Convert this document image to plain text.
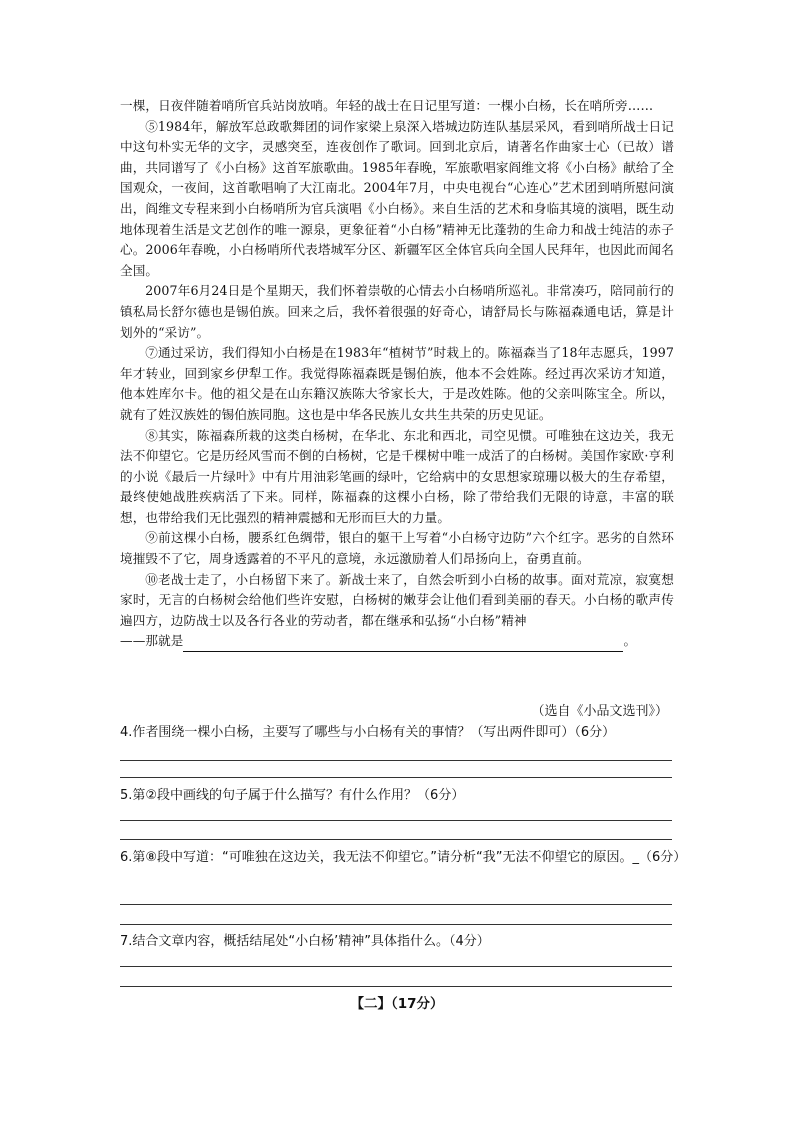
一棵，日夜伴随着哨所官兵站岗放哨。年轻的战士在日记里写道：一棵小白杨，长在哨所旁……

⑤1984年，解放军总政歌舞团的词作家梁上泉深入塔城边防连队基层采风，看到哨所战士日记中这句朴实无华的文字，灵感突至，连夜创作了歌词。回到北京后，请著名作曲家士心（已故）谱曲，共同谱写了《小白杨》这首军旅歌曲。1985年春晚，军旅歌唱家阎维文将《小白杨》献给了全国观众，一夜间，这首歌唱响了大江南北。2004年7月，中央电视台“心连心”艺术团到哨所慰问演出，阎维文专程来到小白杨哨所为官兵演唱《小白杨》。来自生活的艺术和身临其境的演唱，既生动地体现着生活是文艺创作的唯一源泉，更象征着“小白杨”精神无比蓬勃的生命力和战士纯洁的赤子心。2006年春晚，小白杨哨所代表塔城军分区、新疆军区全体官兵向全国人民拜年，也因此而闻名全国。

2007年6月24日是个星期天，我们怀着崇敬的心情去小白杨哨所巡礼。非常凑巧，陪同前行的镇私局长舒尔德也是锡伯族。回来之后，我怀着很强的好奇心，请舒局长与陈福森通电话，算是计划外的“采访”。

⑦通过采访，我们得知小白杨是在1983年“植树节”时栽上的。陈福森当了18年志愿兵，1997年才转业，回到家乡伊犁工作。我觉得陈福森既是锡伯族，他本不会姓陈。经过再次采访才知道，他本姓库尔卡。他的祖父是在山东籍汉族陈大爷家长大，于是改姓陈。他的父亲叫陈宝全。所以，就有了姓汉族姓的锡伯族同胞。这也是中华各民族儿女共生共荣的历史见证。

⑧其实，陈福森所栽的这类白杨树，在华北、东北和西北，司空见惯。可唯独在这边关，我无法不仰望它。它是历经风雪而不倒的白杨树，它是千棵树中唯一成活了的白杨树。美国作家欧·亨利的小说《最后一片绿叶》中有片用油彩笔画的绿叶，它给病中的女思想家琼珊以极大的生存希望，最终使她战胜疾病活了下来。同样，陈福森的这棵小白杨，除了带给我们无限的诗意，丰富的联想，也带给我们无比强烈的精神震撼和无形而巨大的力量。

⑨前这棵小白杨，腰系红色绸带，银白的躯干上写着“小白杨守边防”六个红字。恶劣的自然环境摧毁不了它，周身透露着的不平凡的意境，永远激励着人们昂扬向上，奋勇直前。

⑩老战士走了，小白杨留下来了。新战士来了，自然会听到小白杨的故事。面对荒凉，寂寞想家时，无言的白杨树会给他们些许安慰，白杨树的嫩芽会让他们看到美丽的春天。小白杨的歌声传遍四方，边防战士以及各行各业的劳动者，都在继承和弘扬“小白杨”精神

——那就是	。

（选自《小品文选刊》）
4.作者围绕一棵小白杨，主要写了哪些与小白杨有关的事情？（写出两件即可）（6分）
5.第②段中画线的句子属于什么描写？有什么作用？（6分）
6.第⑧段中写道：“可唯独在这边关，我无法不仰望它。”请分析“我”无法不仰望它的原因。_（6分）
7.结合文章内容，概括结尾处“小白杨’精神”具体指什么。（4分）
【二】（17分）
